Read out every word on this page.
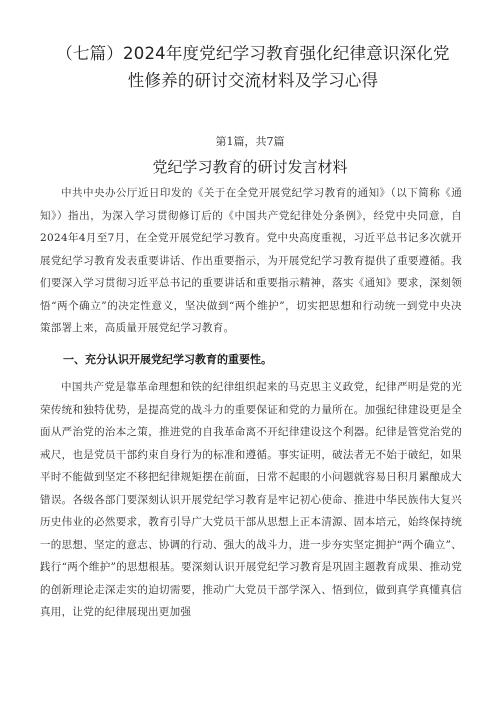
（七篇）2024年度党纪学习教育强化纪律意识深化党性修养的研讨交流材料及学习心得
第1篇，共7篇
党纪学习教育的研讨发言材料
中共中央办公厅近日印发的《关于在全党开展党纪学习教育的通知》（以下简称《通知》）指出，为深入学习贯彻修订后的《中国共产党纪律处分条例》，经党中央同意，自2024年4月至7月，在全党开展党纪学习教育。党中央高度重视，习近平总书记多次就开展党纪学习教育发表重要讲话、作出重要指示，为开展党纪学习教育提供了重要遵循。我们要深入学习贯彻习近平总书记的重要讲话和重要指示精神，落实《通知》要求，深刻领悟“两个确立”的决定性意义，坚决做到“两个维护”，切实把思想和行动统一到党中央决策部署上来，高质量开展党纪学习教育。
一、充分认识开展党纪学习教育的重要性。
中国共产党是靠革命理想和铁的纪律组织起来的马克思主义政党，纪律严明是党的光荣传统和独特优势，是提高党的战斗力的重要保证和党的力量所在。加强纪律建设更是全面从严治党的治本之策，推进党的自我革命离不开纪律建设这个利器。纪律是管党治党的戒尺，也是党员干部约束自身行为的标准和遵循。事实证明，破法者无不始于破纪，如果平时不能做到坚定不移把纪律规矩摆在前面，日常不起眼的小问题就容易日积月累酿成大错误。各级各部门要深刻认识开展党纪学习教育是牢记初心使命、推进中华民族伟大复兴历史伟业的必然要求，教育引导广大党员干部从思想上正本清源、固本培元，始终保持统一的思想、坚定的意志、协调的行动、强大的战斗力，进一步夯实坚定拥护“两个确立”、践行“两个维护”的思想根基。要深刻认识开展党纪学习教育是巩固主题教育成果、推动党的创新理论走深走实的迫切需要，推动广大党员干部学深入、悟到位，做到真学真懂真信真用，让党的纪律展现出更加强
